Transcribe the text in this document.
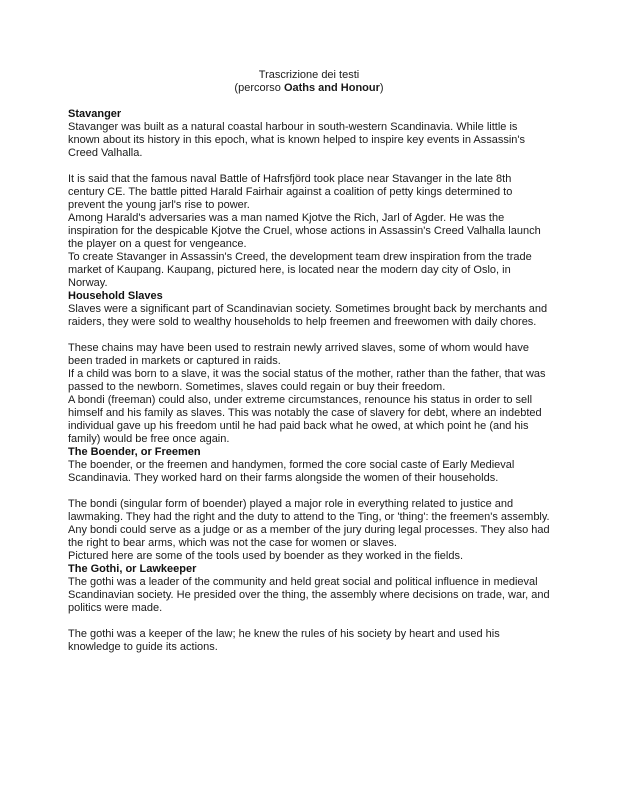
Trascrizione dei testi
(percorso Oaths and Honour)
Stavanger

Stavanger was built as a natural coastal harbour in south-western Scandinavia. While little is known about its history in this epoch, what is known helped to inspire key events in Assassin's Creed Valhalla.

It is said that the famous naval Battle of Hafrsfjörd took place near Stavanger in the late 8th century CE. The battle pitted Harald Fairhair against a coalition of petty kings determined to prevent the young jarl's rise to power.

Among Harald's adversaries was a man named Kjotve the Rich, Jarl of Agder. He was the inspiration for the despicable Kjotve the Cruel, whose actions in Assassin's Creed Valhalla launch the player on a quest for vengeance.

To create Stavanger in Assassin's Creed, the development team drew inspiration from the trade market of Kaupang. Kaupang, pictured here, is located near the modern day city of Oslo, in Norway.

Household Slaves

Slaves were a significant part of Scandinavian society. Sometimes brought back by merchants and raiders, they were sold to wealthy households to help freemen and freewomen with daily chores.

These chains may have been used to restrain newly arrived slaves, some of whom would have been traded in markets or captured in raids.

If a child was born to a slave, it was the social status of the mother, rather than the father, that was passed to the newborn. Sometimes, slaves could regain or buy their freedom.

A bondi (freeman) could also, under extreme circumstances, renounce his status in order to sell himself and his family as slaves. This was notably the case of slavery for debt, where an indebted individual gave up his freedom until he had paid back what he owed, at which point he (and his family) would be free once again.

The Boender, or Freemen

The boender, or the freemen and handymen, formed the core social caste of Early Medieval Scandinavia. They worked hard on their farms alongside the women of their households.

The bondi (singular form of boender) played a major role in everything related to justice and lawmaking. They had the right and the duty to attend to the Ting, or 'thing': the freemen's assembly. Any bondi could serve as a judge or as a member of the jury during legal processes. They also had the right to bear arms, which was not the case for women or slaves.

Pictured here are some of the tools used by boender as they worked in the fields.

The Gothi, or Lawkeeper

The gothi was a leader of the community and held great social and political influence in medieval Scandinavian society. He presided over the thing, the assembly where decisions on trade, war, and politics were made.

The gothi was a keeper of the law; he knew the rules of his society by heart and used his knowledge to guide its actions.
